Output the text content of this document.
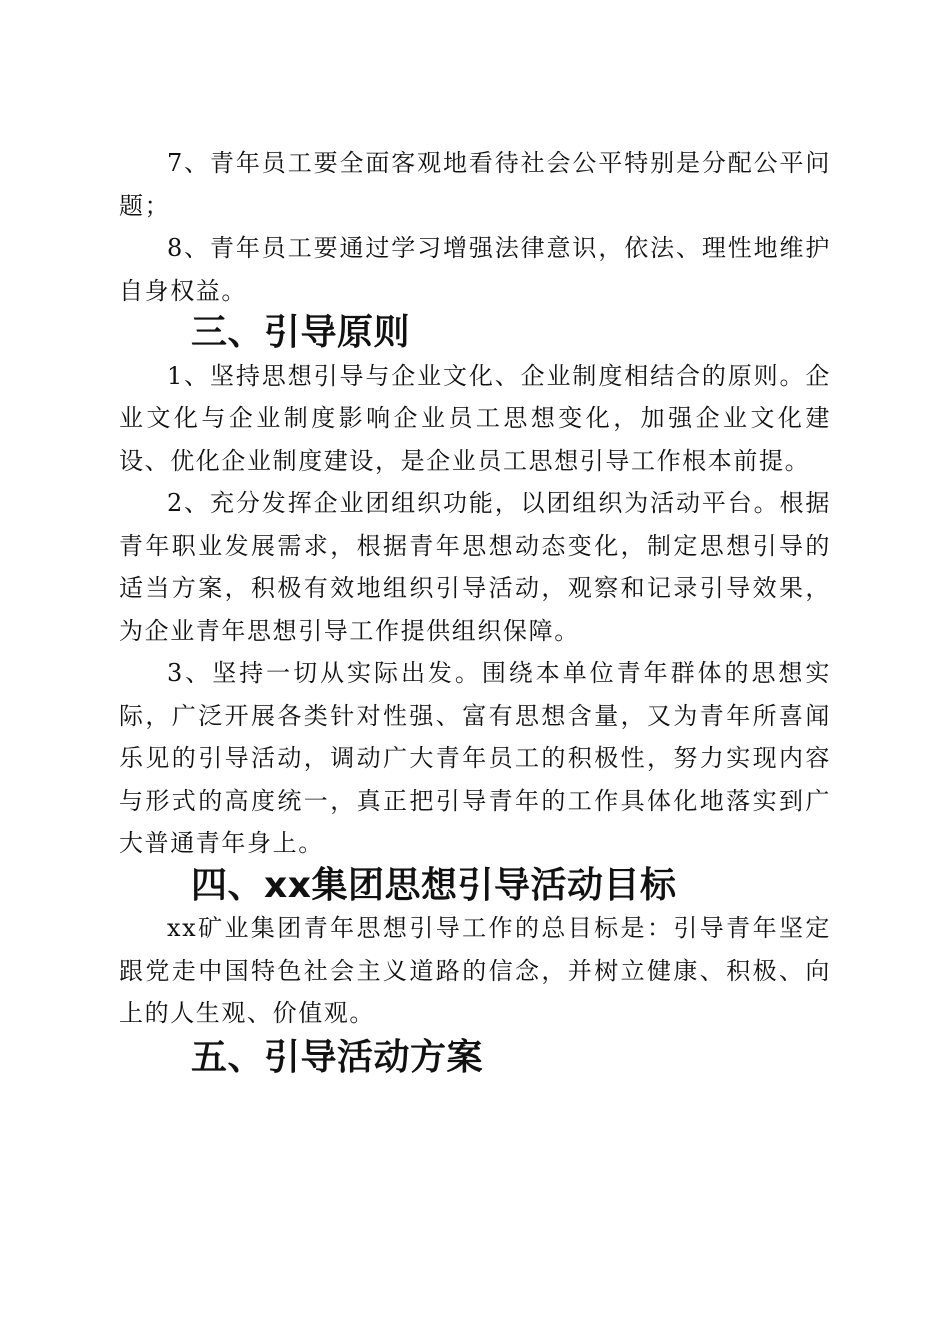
7、青年员工要全面客观地看待社会公平特别是分配公平问题；

8、青年员工要通过学习增强法律意识，依法、理性地维护自身权益。

三、引导原则

1、坚持思想引导与企业文化、企业制度相结合的原则。企业文化与企业制度影响企业员工思想变化，加强企业文化建设、优化企业制度建设，是企业员工思想引导工作根本前提。

2、充分发挥企业团组织功能，以团组织为活动平台。根据青年职业发展需求，根据青年思想动态变化，制定思想引导的适当方案，积极有效地组织引导活动，观察和记录引导效果，为企业青年思想引导工作提供组织保障。

3、坚持一切从实际出发。围绕本单位青年群体的思想实际，广泛开展各类针对性强、富有思想含量，又为青年所喜闻乐见的引导活动，调动广大青年员工的积极性，努力实现内容与形式的高度统一，真正把引导青年的工作具体化地落实到广大普通青年身上。

四、xx集团思想引导活动目标

xx矿业集团青年思想引导工作的总目标是：引导青年坚定跟党走中国特色社会主义道路的信念，并树立健康、积极、向上的人生观、价值观。

五、引导活动方案
